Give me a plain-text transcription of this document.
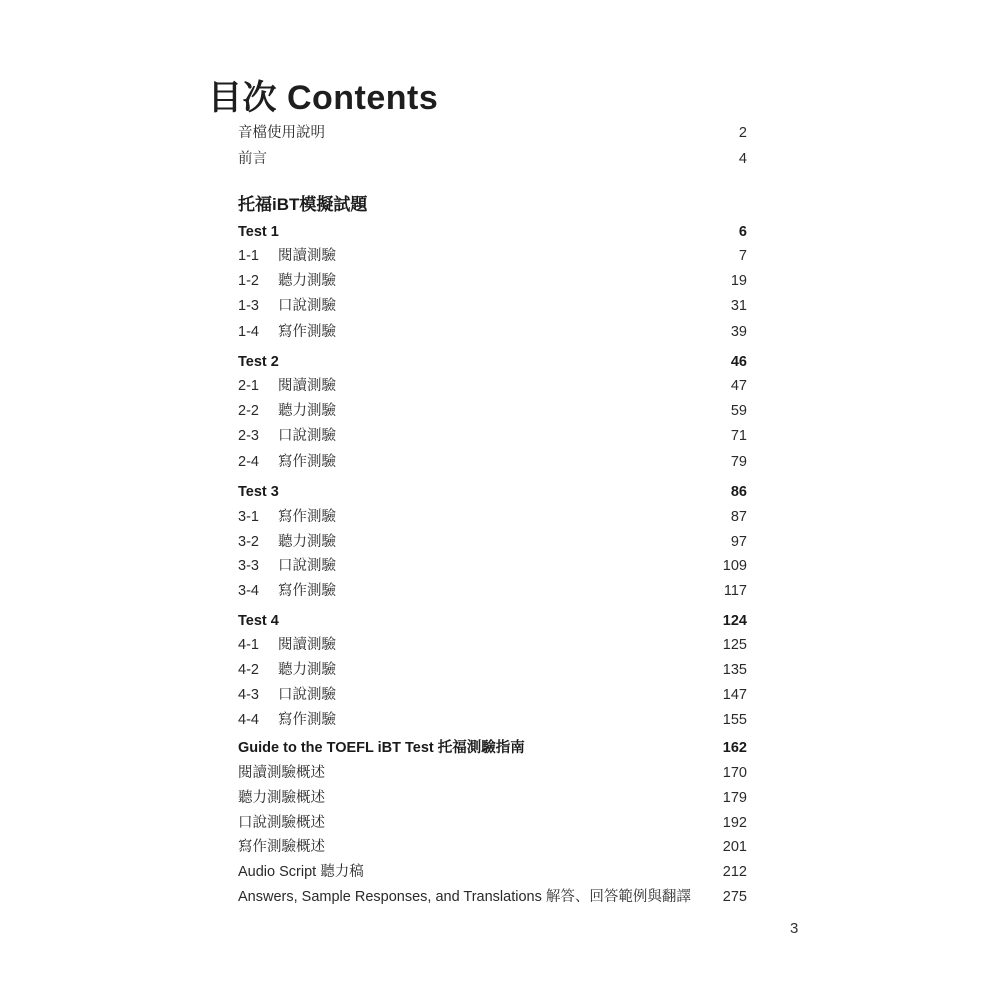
目次 Contents
音檔使用說明	2
前言	4
托福iBT模擬試題
Test 1	6
1-1 閱讀測驗	7
1-2 聽力測驗	19
1-3 口說測驗	31
1-4 寫作測驗	39
Test 2	46
2-1 閱讀測驗	47
2-2 聽力測驗	59
2-3 口說測驗	71
2-4 寫作測驗	79
Test 3	86
3-1 寫作測驗	87
3-2 聽力測驗	97
3-3 口說測驗	109
3-4 寫作測驗	117
Test 4	124
4-1 閱讀測驗	125
4-2 聽力測驗	135
4-3 口說測驗	147
4-4 寫作測驗	155
Guide to the TOEFL iBT Test 托福測驗指南	162
閱讀測驗概述	170
聽力測驗概述	179
口說測驗概述	192
寫作測驗概述	201
Audio Script 聽力稿	212
Answers, Sample Responses, and Translations 解答、回答範例與翻譯 275
3
